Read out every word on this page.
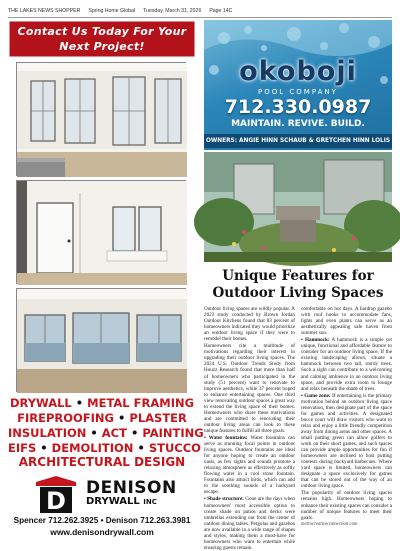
THE LAKES NEWS SHOPPER Spring Home Global Tuesday, March 31, 2026 Page 14C
Contact Us Today For Your
Next Project!
DRYWALL • METAL FRAMING
FIREPROOFING • PLASTER
INSULATION • ACT • PAINTING
EIFS • DEMOLITION • STUCCO
ARCHITECTURAL DESIGN
D DENISON
DRYWALL INC
Spencer 712.262.3925 • Denison 712.263.3981
www.denisondrywall.com
okoboji
POOL COMPANY
712.330.0987
MAINTAIN. REVIVE. BUILD.
OWNERS: ANGIE HINN SCHAUB & GRETCHEN HINN LOLIS
Unique Features for
Outdoor Living Spaces

Outdoor living spaces are wildly popular. A 2023 study conducted by Brown Jordan Outdoor Kitchens found that 83 percent of homeowners indicated they would prioritize an outdoor living space if they were to remodel their homes.

Homeowners cite a multitude of motivations regarding their interest in upgrading their outdoor living spaces. The 2024 U.S. Outdoor Trends Study from Houzz Research found that more than half of homeowners who participated in the study (51 percent) want to renovate to improve aesthetics, while 37 percent hoped to enhance entertaining spaces. One third view renovating outdoor spaces a great way to extend the living space of their homes. Homeowners who share these motivations and are committed to renovating their outdoor living areas can look to these unique features to fulfill all three goals.

• Water fountains: Water fountains can serve as stunning focal points in outdoor living spaces. Outdoor fountains are ideal for anyone hoping to create an outdoor oasis, as few sights and sounds promote a relaxing atmosphere as effectively as softly flowing water in a cool stone fountain. Fountains also attract birds, which can add to the soothing sounds of a backyard escape.

• Shade structure: Gone are the days when homeowners' most accessible option to create shade on patios and decks were umbrellas extending out from the center of outdoor dining tables. Pergolas and gazebos are now available in a wide range of shapes and styles, making them a must-have for homeowners who want to entertain while ensuring guests remain

comfortable on hot days. A hardtop gazebo with roof hooks to accommodate fans, lights and even plants can serve as an aesthetically appealing safe haven from summer sun.

• Hammock: A hammock is a simple yet unique, functional and affordable feature to consider for an outdoor living space. If the existing landscaping allows, situate a hammock between two tall, sturdy trees. Such a sight can contribute to a welcoming and calming ambience in an outdoor living space, and provide extra room to lounge and relax beneath the shade of trees.

• Game zone: If entertaining is the primary motivation behind an outdoor living space renovation, then designate part of the space for games and activities. A designated bocce court will draw visitors who want to relax and enjoy a little friendly competition away from dining areas and other spaces. A small putting green can allow golfers to work on their short games, and such spaces can provide ample opportunities for fun if homeowners are inclined to host putting contests during backyard barbecues. Where yard space is limited, homeowners can designate a space exclusively for games that can be stored out of the way of an outdoor living space.

The popularity of outdoor living spaces remains high. Homeowners hoping to enhance their existing spaces can consider a number of unique features to meet their goals.

metrocreativeconnection.com
